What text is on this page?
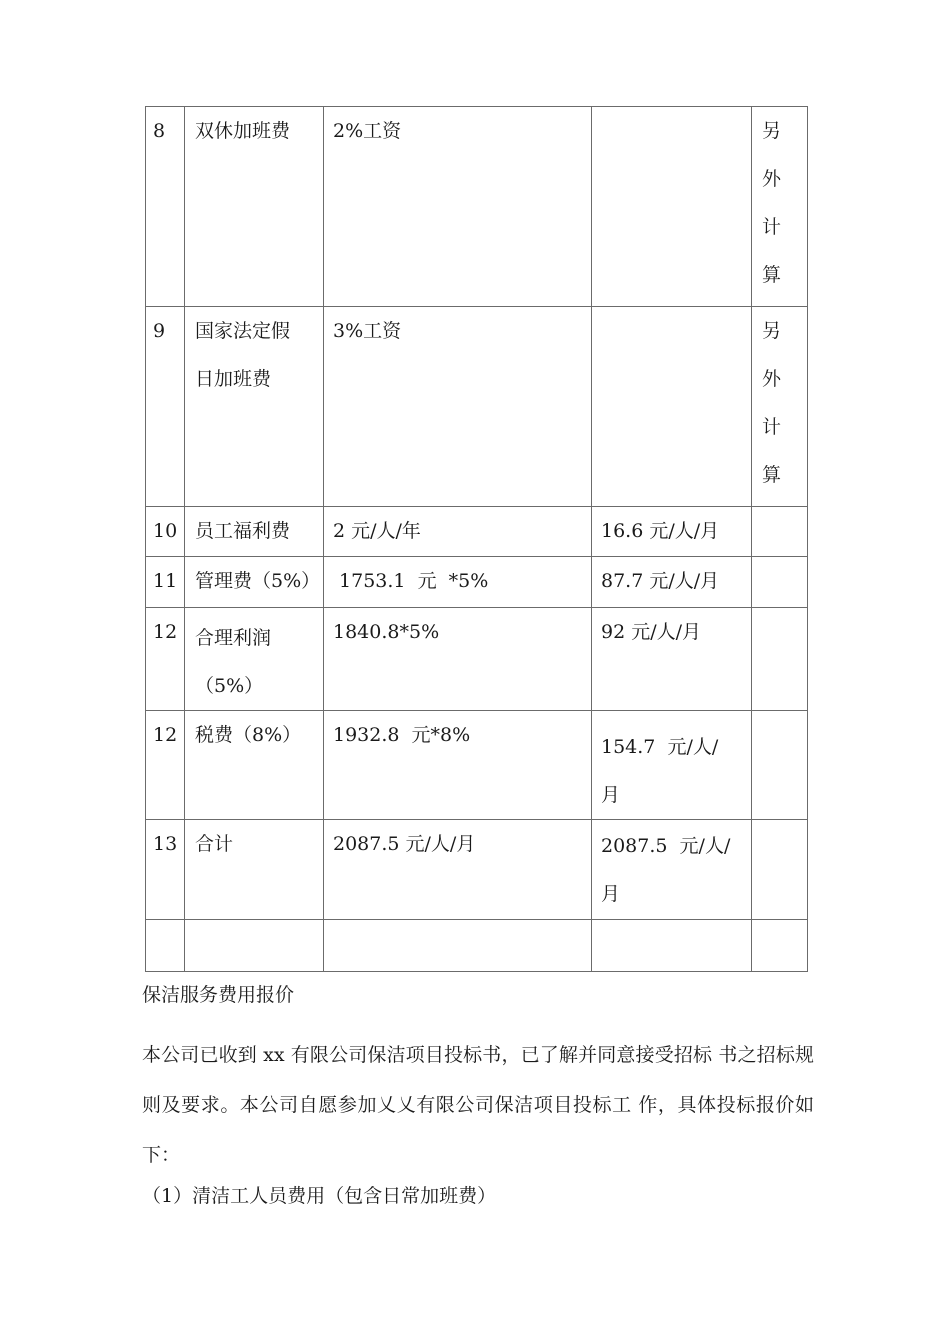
8	双休加班费	2%工资		另
外
计
算

9	国家法定假
日加班费	3%工资		另
外
计
算

10	员工福利费	2 元/人/年	16.6 元/人/月	

11	管理费（5%）	1753.1  元  *5%	87.7 元/人/月	

12	合理利润
（5%）	1840.8*5%	92 元/人/月	

12	税费（8%）	1932.8  元*8%	154.7  元/人/
月	

13	合计	2087.5 元/人/月	2087.5  元/人/
月	

保洁服务费用报价
本公司已收到 xx 有限公司保洁项目投标书，已了解并同意接受招标 书之招标规则及要求。本公司自愿参加乂乂有限公司保洁项目投标工 作，具体投标报价如下：
（1）清洁工人员费用（包含日常加班费）
